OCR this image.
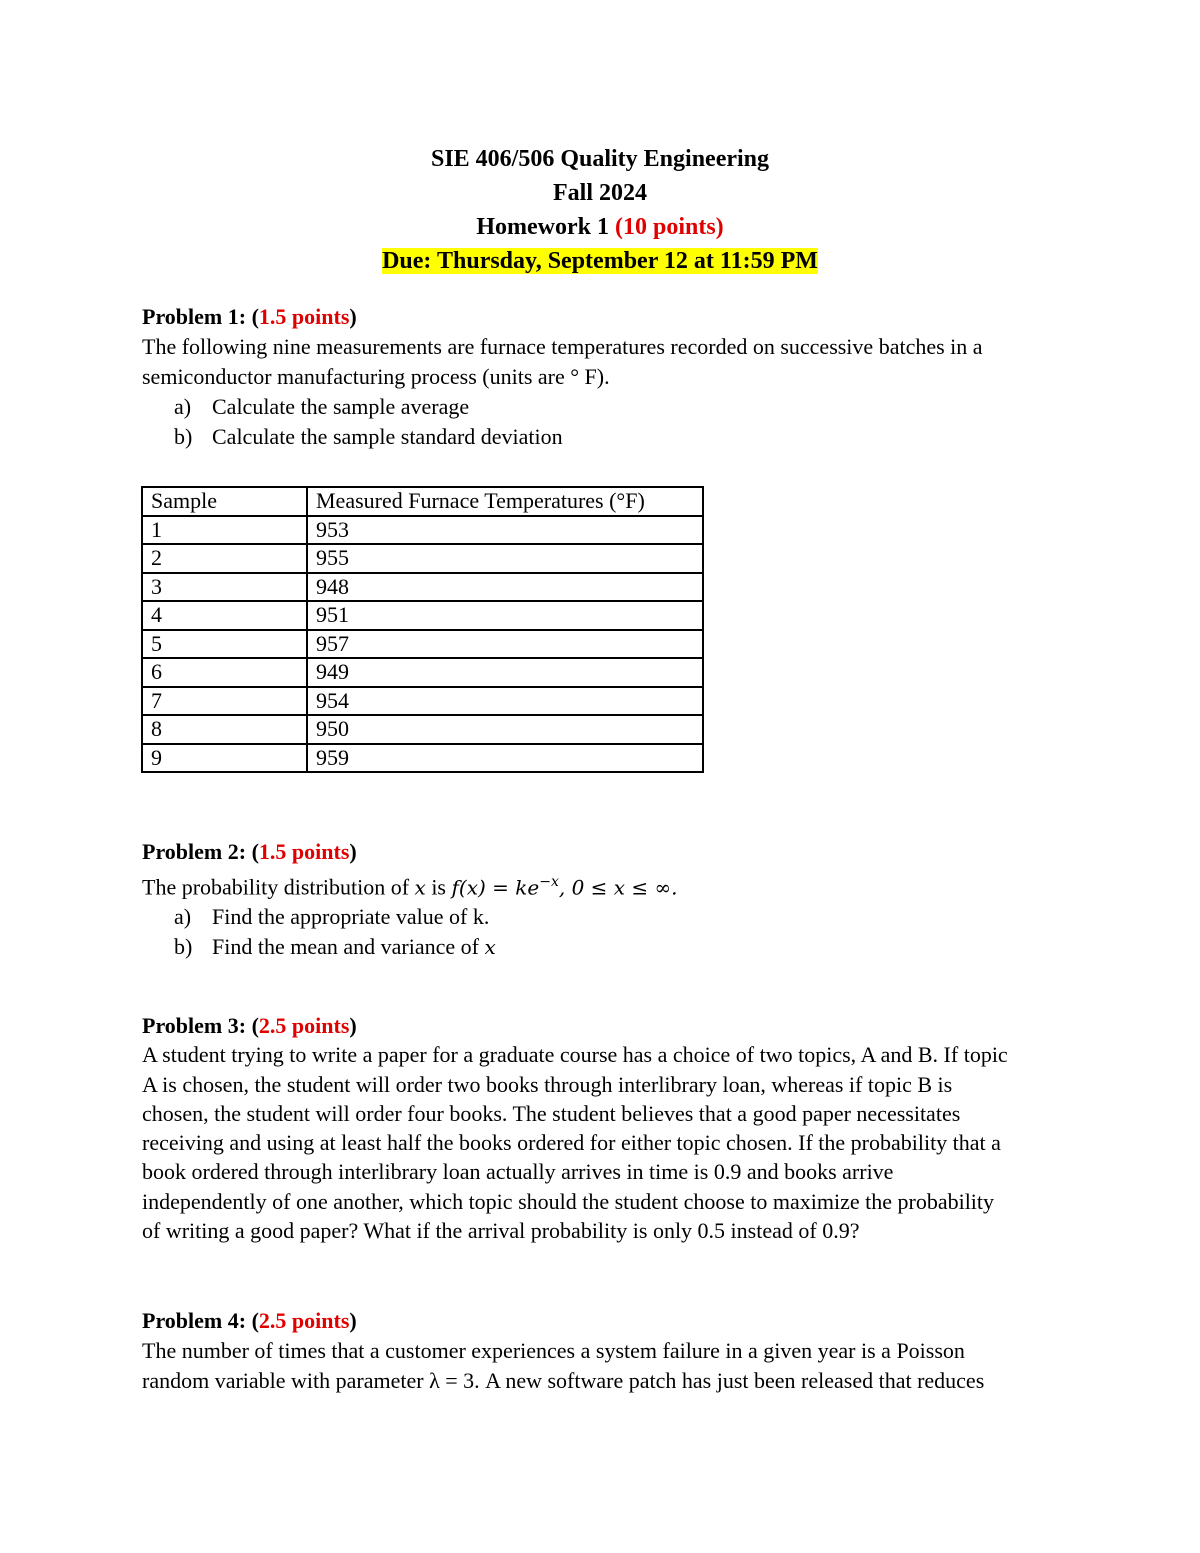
SIE 406/506 Quality Engineering
Fall 2024
Homework 1 (10 points)
Due: Thursday, September 12 at 11:59 PM
Problem 1: (1.5 points)
The following nine measurements are furnace temperatures recorded on successive batches in a
semiconductor manufacturing process (units are ° F).
a) Calculate the sample average
b) Calculate the sample standard deviation
Sample	Measured Furnace Temperatures (°F)
1	953
2	955
3	948
4	951
5	957
6	949
7	954
8	950
9	959
Problem 2: (1.5 points)
The probability distribution of x is $f(x) = ke^{-x}$, 0 ≤ x ≤ ∞.
a) Find the appropriate value of k.
b) Find the mean and variance of x
Problem 3: (2.5 points)
A student trying to write a paper for a graduate course has a choice of two topics, A and B. If topic
A is chosen, the student will order two books through interlibrary loan, whereas if topic B is
chosen, the student will order four books. The student believes that a good paper necessitates
receiving and using at least half the books ordered for either topic chosen. If the probability that a
book ordered through interlibrary loan actually arrives in time is 0.9 and books arrive
independently of one another, which topic should the student choose to maximize the probability
of writing a good paper? What if the arrival probability is only 0.5 instead of 0.9?
Problem 4: (2.5 points)
The number of times that a customer experiences a system failure in a given year is a Poisson
random variable with parameter λ = 3. A new software patch has just been released that reduces
